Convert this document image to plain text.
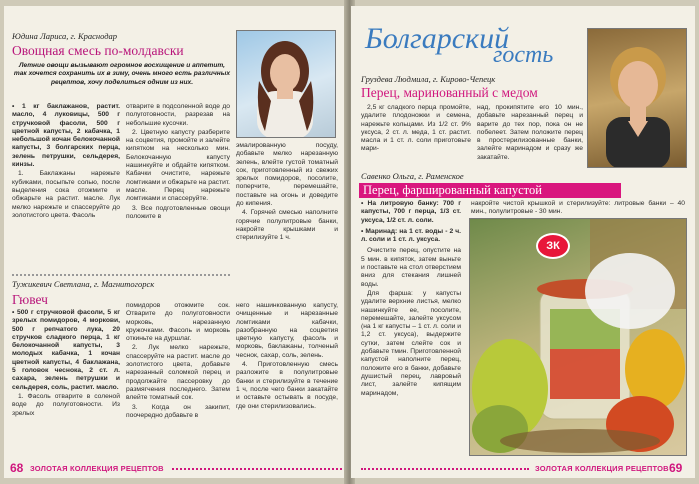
Юдина Лариса, г. Краснодар
Овощная смесь по-молдавски
Летние овощи вызывают огромное восхищение и аппетит, так хочется сохранить их в зиму, очень много есть различных рецептов, хочу поделиться одним из них.

• 1 кг баклажанов, растит. масло, 4 луковицы, 500 г стручковой фасоли, 500 г цветной капусты, 2 кабачка, 1 небольшой кочан белокочанной капусты, 3 болгарских перца, зелень петрушки, сельдерея, кинзы.

1. Баклажаны нарежьте кубиками, посыпьте солью, после выделения сока отожмите и обжарьте на растит. масле. Лук мелко нарежьте и спассеруйте до золотистого цвета. Фасоль

отварите в подсоленной воде до полуготовности, разрезав на небольшие кусочки.

2. Цветную капусту разберите на соцветия, промойте и залейте кипятком на несколько мин. Белокочанную капусту нашинкуйте и обдайте кипятком. Кабачки очистите, нарежьте ломтиками и обжарьте на растит. масле. Перец нарежьте ломтиками и спассеруйте.

3. Все подготовленные овощи положите в

эмалированную посуду, добавьте мелко нарезанную зелень, влейте густой томатный сок, приготовленный из свежих зрелых помидоров, посолите, поперчите, перемешайте, поставьте на огонь и доведите до кипения.

4. Горячей смесью наполните горячие полулитровые банки, накройте крышками и стерилизуйте 1 ч.

Тужикевич Светлана, г. Магнитогорск
Гювеч

• 500 г стручковой фасоли, 5 кг зрелых помидоров, 4 моркови, 500 г репчатого лука, 20 стручков сладкого перца, 1 кг белокочанной капусты, 3 молодых кабачка, 1 кочан цветной капусты, 4 баклажана, 5 головок чеснока, 2 ст. л. сахара, зелень петрушки и сельдерея, соль, растит. масло.

1. Фасоль отварите в соленой воде до полуготовности. Из зрелых

помидоров отожмите сок. Отварите до полуготовности морковь, нарезанную кружочками. Фасоль и морковь откиньте на дуршлаг.

2. Лук мелко нарежьте, спассеруйте на растит. масле до золотистого цвета, добавьте нарезанный соломкой перец и продолжайте пассеровку до размягчения последнего. Затем влейте томатный сок.

3. Когда он закипит, поочередно добавьте в

него нашинкованную капусту, очищенные и нарезанные ломтиками кабачки, разобранную на соцветия цветную капусту, фасоль и морковь, баклажаны, толченый чеснок, сахар, соль, зелень.

4. Приготовленную смесь разложите в полулитровые банки и стерилизуйте в течение 1 ч, после чего банки закатайте и оставьте остывать в посуде, где они стерилизовались.

68 ЗОЛОТАЯ КОЛЛЕКЦИЯ РЕЦЕПТОВ
Болгарский
гость
Груздева Людмила, г. Кирово-Чепецк
Перец, маринованный с медом

2,5 кг сладкого перца промойте, удалите плодоножки и семена, нарежьте кольцами. Из 1/2 ст. 9% уксуса, 2 ст. л. меда, 1 ст. растит. масла и 1 ст. л. соли приготовьте мари-

над, прокипятите его 10 мин., добавьте нарезанный перец и варите до тех пор, пока он не побелеет. Затем положите перец в простерилизованные банки, залейте маринадом и сразу же закатайте.

Савенко Ольга, г. Раменское
Перец, фаршированный капустой

• На литровую банку: 700 г капусты, 700 г перца, 1/3 ст. уксуса, 1/2 ст. л. соли.

• Маринад: на 1 ст. воды - 2 ч. л. соли и 1 ст. л. уксуса.

Очистите перец, опустите на 5 мин. в кипяток, затем выньте и поставьте на стол отверстием вниз для стекания лишней воды.

Для фарша: у капусты удалите верхние листья, мелко нашинкуйте ее, посолите, перемешайте, залейте уксусом (на 1 кг капусты – 1 ст. л. соли и 1,2 ст. уксуса), выдержите сутки, затем слейте сок и добавьте тмин. Приготовленной капустой наполните перец, положите его в банки, добавьте душистый перец, лавровый лист, залейте кипящим маринадом,

накройте чистой крышкой и стерилизуйте: литровые банки – 40 мин., полулитровые - 30 мин.

ЗК
ЗОЛОТАЯ КОЛЛЕКЦИЯ РЕЦЕПТОВ 69
